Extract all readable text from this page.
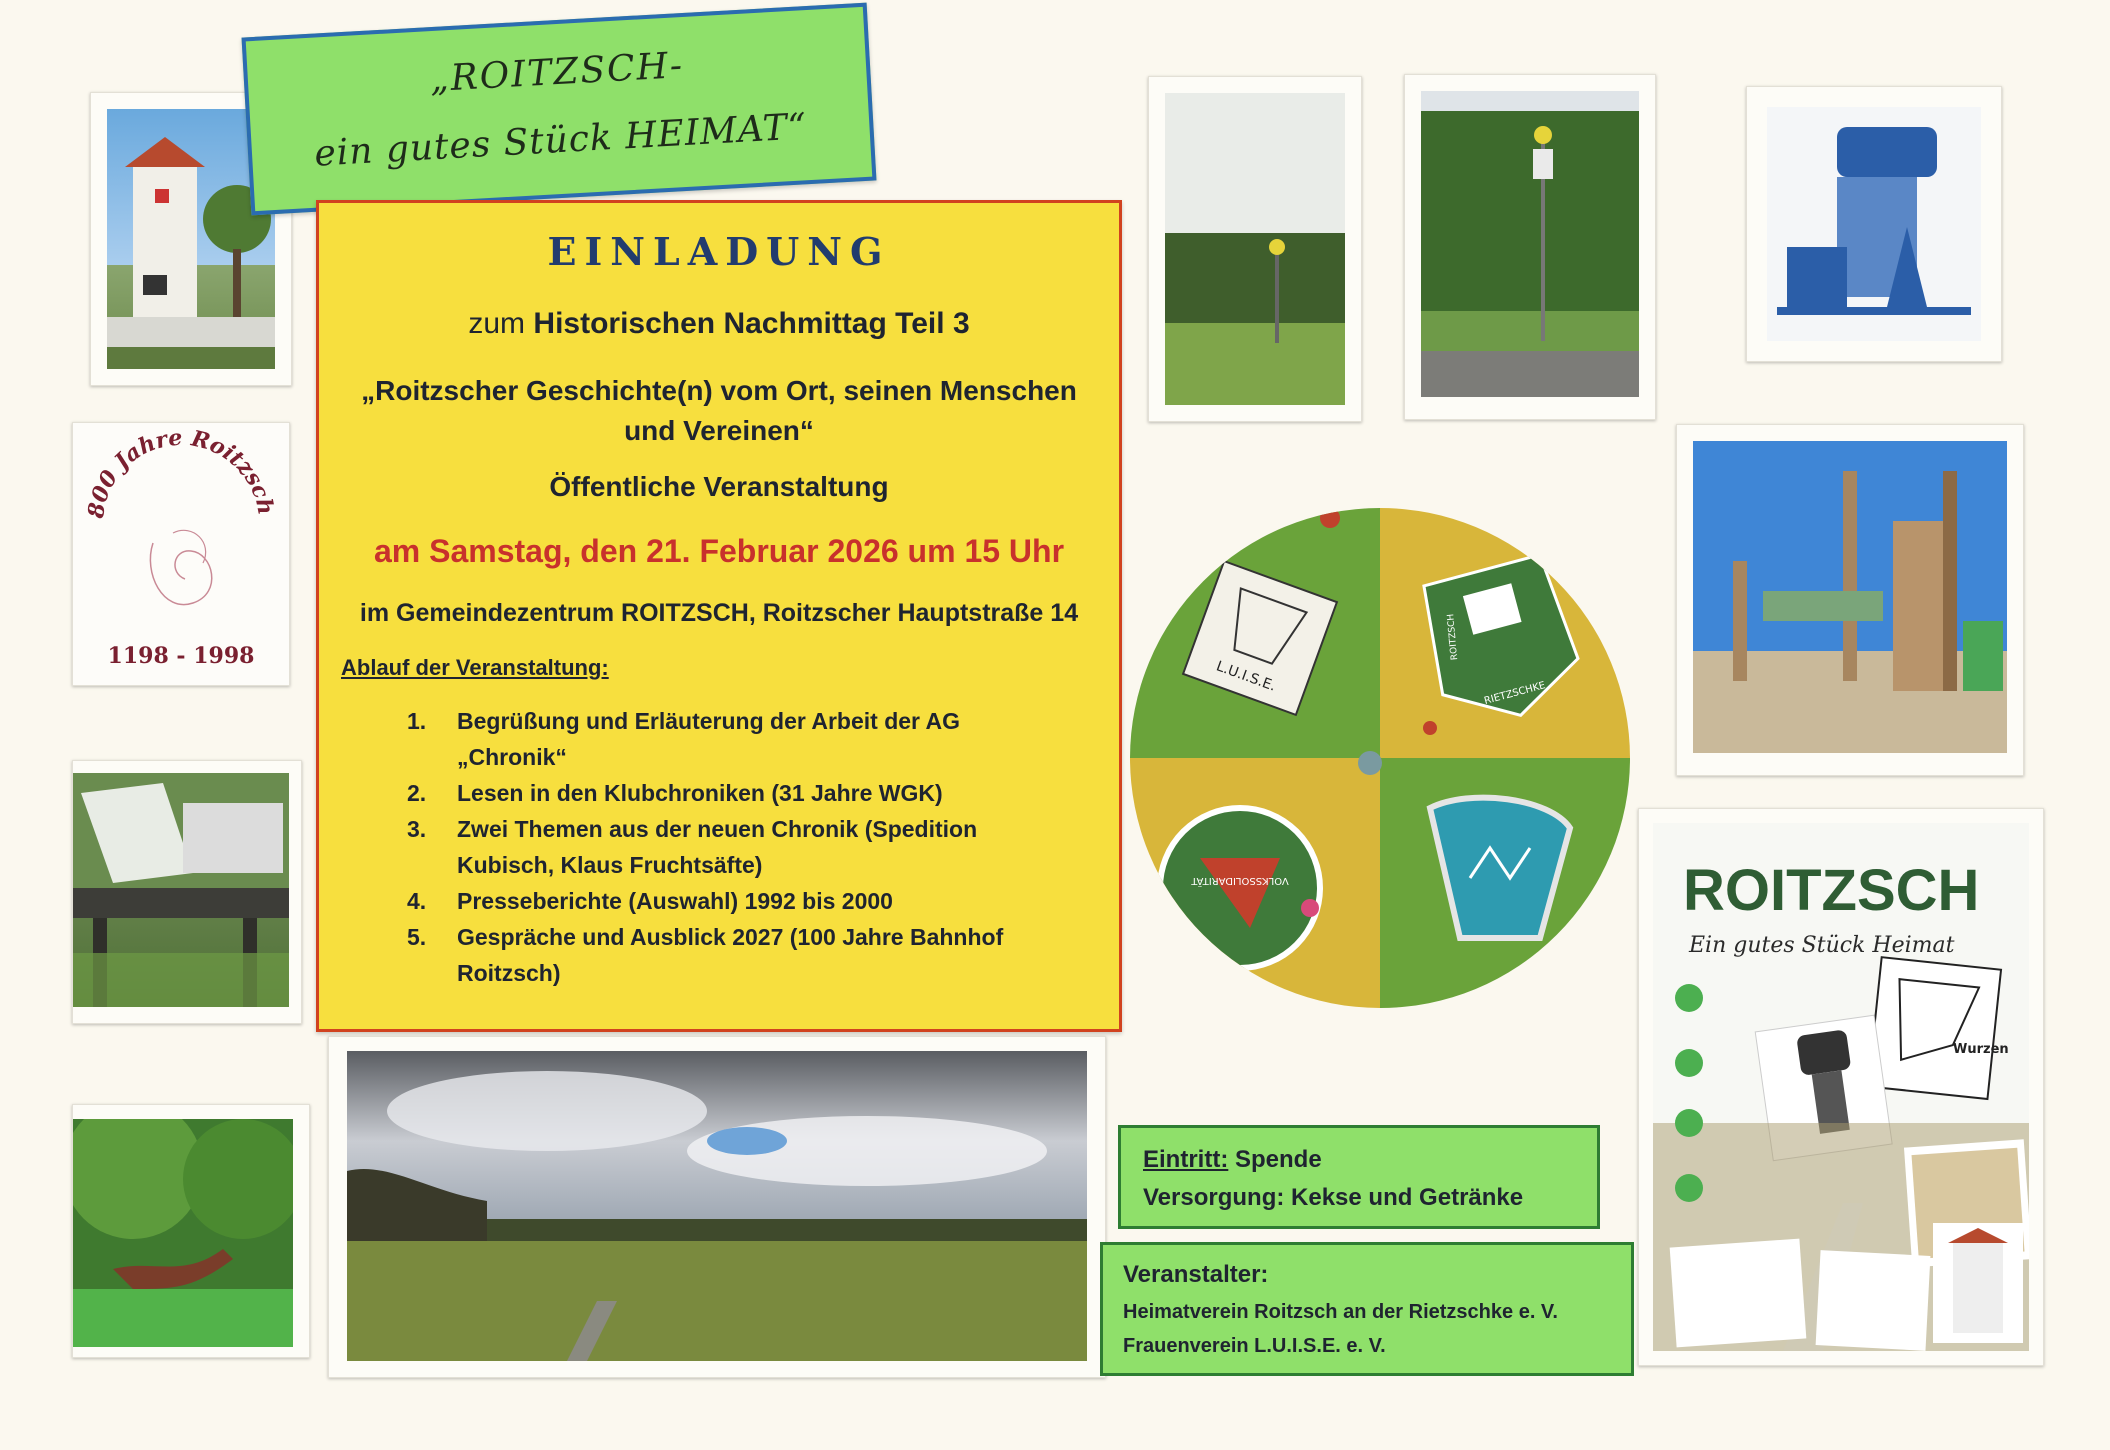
800 Jahre Roitzsch
1198 - 1998
„ROITZSCH-
ein gutes Stück HEIMAT“
EINLADUNG
zum Historischen Nachmittag Teil 3
„Roitzscher Geschichte(n) vom Ort, seinen Menschen
und Vereinen“
Öffentliche Veranstaltung
am Samstag, den 21. Februar 2026 um 15 Uhr
im Gemeindezentrum ROITZSCH, Roitzscher Hauptstraße 14
Ablauf der Veranstaltung:
1. Begrüßung und Erläuterung der Arbeit der AG
„Chronik“
2. Lesen in den Klubchroniken (31 Jahre WGK)
3. Zwei Themen aus der neuen Chronik (Spedition
Kubisch, Klaus Fruchtsäfte)
4. Presseberichte (Auswahl) 1992 bis 2000
5. Gespräche und Ausblick 2027 (100 Jahre Bahnhof
Roitzsch)
L.U.I.S.E.	RIETZSCHKE
ROITZSCH
VOLKSSOLIDARITÄT
Eintritt: Spende
Versorgung: Kekse und Getränke
Veranstalter:
Heimatverein Roitzsch an der Rietzschke e. V.
Frauenverein L.U.I.S.E. e. V.
ROITZSCH
Ein gutes Stück Heimat
Wurzen
